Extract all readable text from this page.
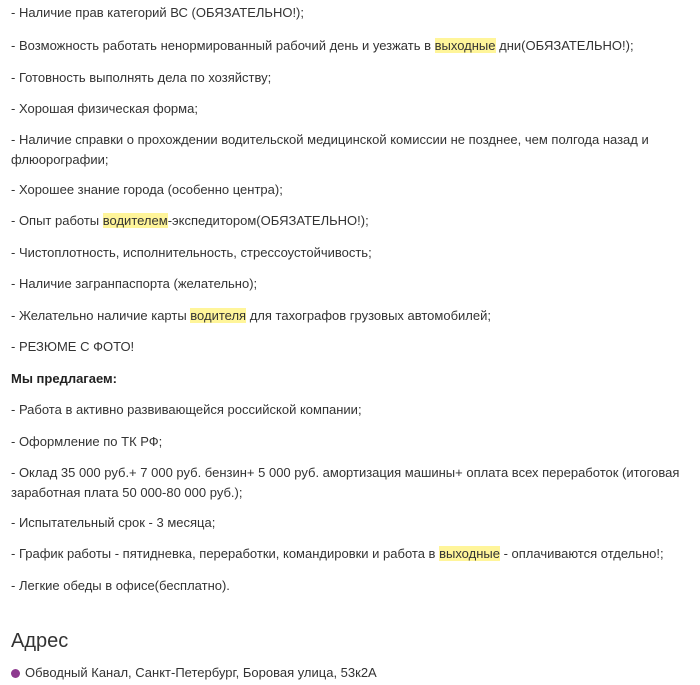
- Наличие прав категорий ВС (ОБЯЗАТЕЛЬНО!);
- Возможность работать ненормированный рабочий день и уезжать в выходные дни(ОБЯЗАТЕЛЬНО!);
- Готовность выполнять дела по хозяйству;
- Хорошая физическая форма;
- Наличие справки о прохождении водительской медицинской комиссии не позднее, чем полгода назад и флюорографии;
- Хорошее знание города (особенно центра);
- Опыт работы водителем-экспедитором(ОБЯЗАТЕЛЬНО!);
- Чистоплотность, исполнительность, стрессоустойчивость;
- Наличие загранпаспорта (желательно);
- Желательно наличие карты водителя для тахографов грузовых автомобилей;
- РЕЗЮМЕ С ФОТО!
Мы предлагаем:
- Работа в активно развивающейся российской компании;
- Оформление по ТК РФ;
- Оклад 35 000 руб.+ 7 000 руб. бензин+ 5 000 руб. амортизация машины+ оплата всех переработок (итоговая заработная плата 50 000-80 000 руб.);
- Испытательный срок - 3 месяца;
- График работы - пятидневка, переработки, командировки и работа в выходные - оплачиваются отдельно!;
- Легкие обеды в офисе(бесплатно).
Адрес
Обводный Канал, Санкт-Петербург, Боровая улица, 53к2А
